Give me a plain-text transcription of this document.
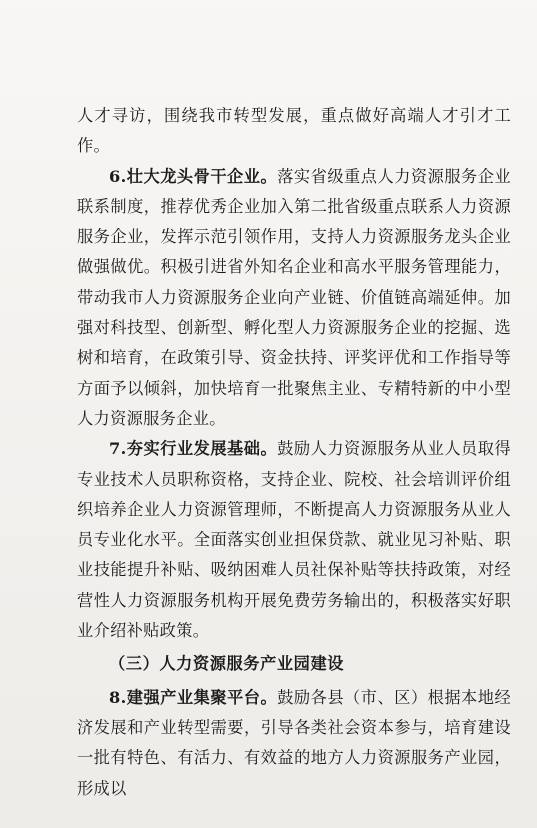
人才寻访，围绕我市转型发展，重点做好高端人才引才工作。

6.壮大龙头骨干企业。落实省级重点人力资源服务企业联系制度，推荐优秀企业加入第二批省级重点联系人力资源服务企业，发挥示范引领作用，支持人力资源服务龙头企业做强做优。积极引进省外知名企业和高水平服务管理能力，带动我市人力资源服务企业向产业链、价值链高端延伸。加强对科技型、创新型、孵化型人力资源服务企业的挖掘、选树和培育，在政策引导、资金扶持、评奖评优和工作指导等方面予以倾斜，加快培育一批聚焦主业、专精特新的中小型人力资源服务企业。

7.夯实行业发展基础。鼓励人力资源服务从业人员取得专业技术人员职称资格，支持企业、院校、社会培训评价组织培养企业人力资源管理师，不断提高人力资源服务从业人员专业化水平。全面落实创业担保贷款、就业见习补贴、职业技能提升补贴、吸纳困难人员社保补贴等扶持政策，对经营性人力资源服务机构开展免费劳务输出的，积极落实好职业介绍补贴政策。

（三）人力资源服务产业园建设

8.建强产业集聚平台。鼓励各县（市、区）根据本地经济发展和产业转型需要，引导各类社会资本参与，培育建设一批有特色、有活力、有效益的地方人力资源服务产业园，形成以
